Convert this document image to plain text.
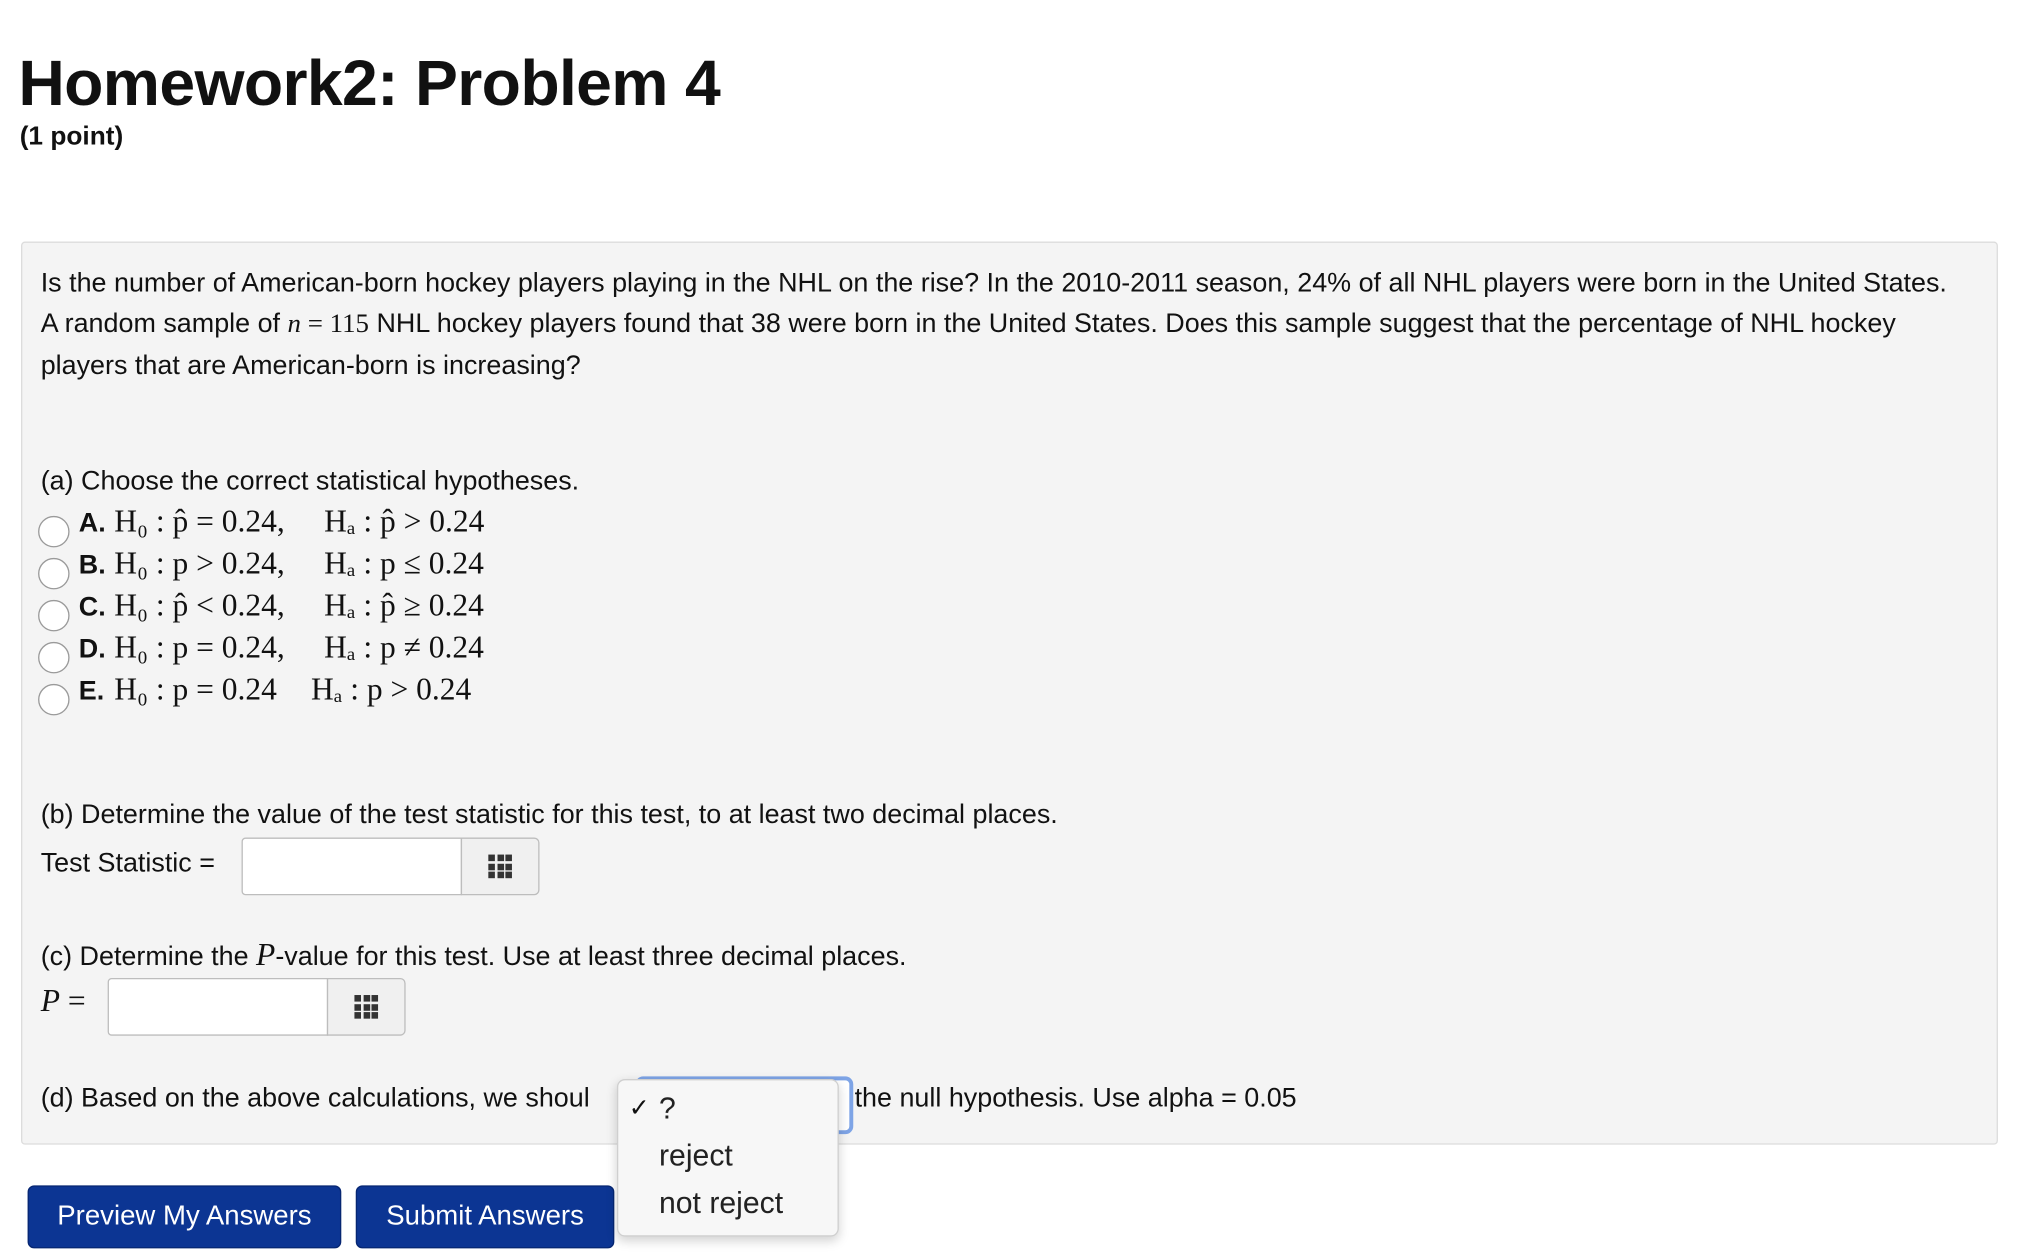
Homework2: Problem 4
(1 point)
Is the number of American-born hockey players playing in the NHL on the rise? In the 2010-2011 season, 24% of all NHL players were born in the United States.
A random sample of n = 115 NHL hockey players found that 38 were born in the United States. Does this sample suggest that the percentage of NHL hockey players that are American-born is increasing?
(a) Choose the correct statistical hypotheses.
A. H₀ : p̂ = 0.24, Hₐ : p̂ > 0.24
B. H₀ : p > 0.24, Hₐ : p ≤ 0.24
C. H₀ : p̂ < 0.24, Hₐ : p̂ ≥ 0.24
D. H₀ : p = 0.24, Hₐ : p ≠ 0.24
E. H₀ : p = 0.24 Hₐ : p > 0.24
(b) Determine the value of the test statistic for this test, to at least two decimal places.
Test Statistic =
(c) Determine the P-value for this test. Use at least three decimal places.
P =
(d) Based on the above calculations, we shoul	the null hypothesis. Use alpha = 0.05
Preview My Answers	Submit Answers
✓ ?
reject
not reject
